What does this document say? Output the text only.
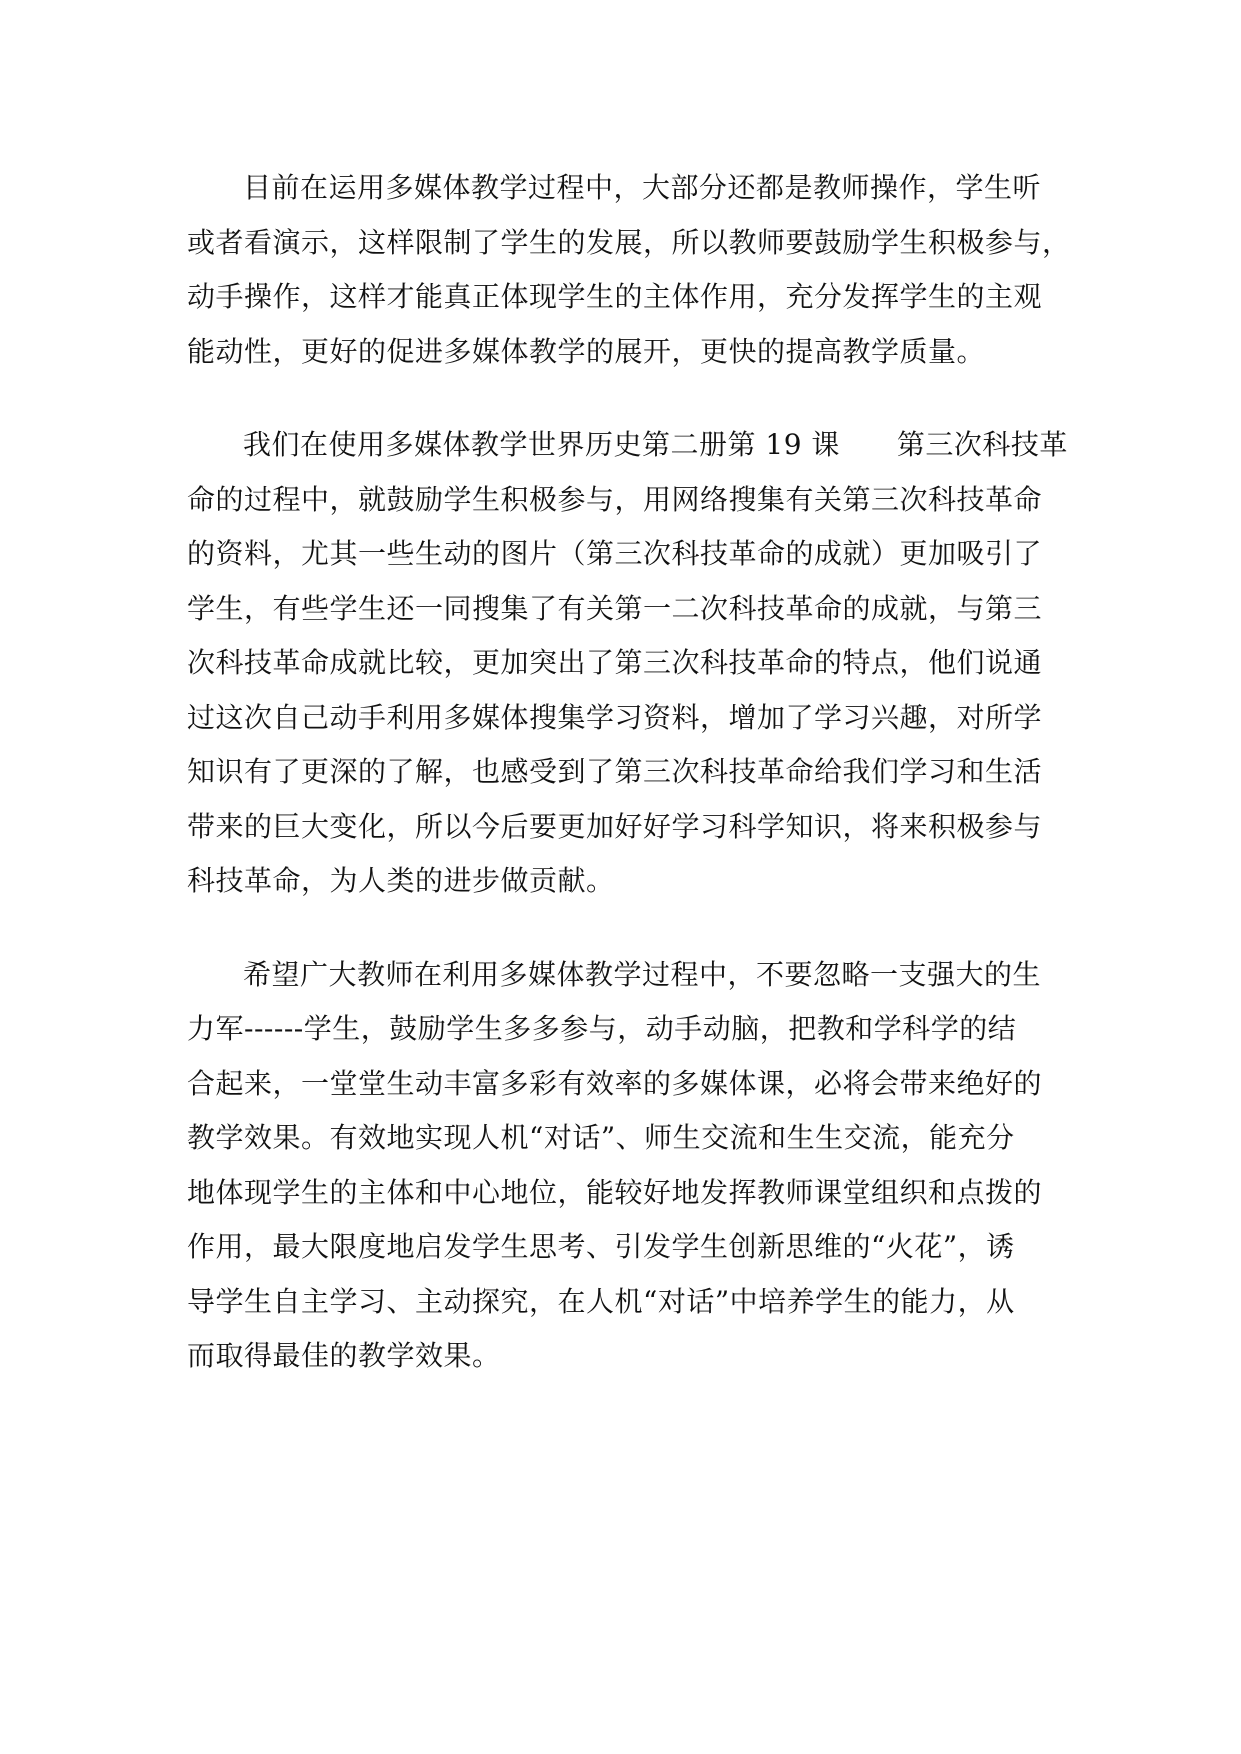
目前在运用多媒体教学过程中，大部分还都是教师操作，学生听
或者看演示，这样限制了学生的发展，所以教师要鼓励学生积极参与，
动手操作，这样才能真正体现学生的主体作用，充分发挥学生的主观
能动性，更好的促进多媒体教学的展开，更快的提高教学质量。
我们在使用多媒体教学世界历史第二册第 19 课　　第三次科技革
命的过程中，就鼓励学生积极参与，用网络搜集有关第三次科技革命
的资料，尤其一些生动的图片（第三次科技革命的成就）更加吸引了
学生，有些学生还一同搜集了有关第一二次科技革命的成就，与第三
次科技革命成就比较，更加突出了第三次科技革命的特点，他们说通
过这次自己动手利用多媒体搜集学习资料，增加了学习兴趣，对所学
知识有了更深的了解，也感受到了第三次科技革命给我们学习和生活
带来的巨大变化，所以今后要更加好好学习科学知识，将来积极参与
科技革命，为人类的进步做贡献。
希望广大教师在利用多媒体教学过程中，不要忽略一支强大的生
力军------学生，鼓励学生多多参与，动手动脑，把教和学科学的结
合起来，一堂堂生动丰富多彩有效率的多媒体课，必将会带来绝好的
教学效果。有效地实现人机“对话”、师生交流和生生交流，能充分
地体现学生的主体和中心地位，能较好地发挥教师课堂组织和点拨的
作用，最大限度地启发学生思考、引发学生创新思维的“火花”，诱
导学生自主学习、主动探究，在人机“对话”中培养学生的能力，从
而取得最佳的教学效果。
